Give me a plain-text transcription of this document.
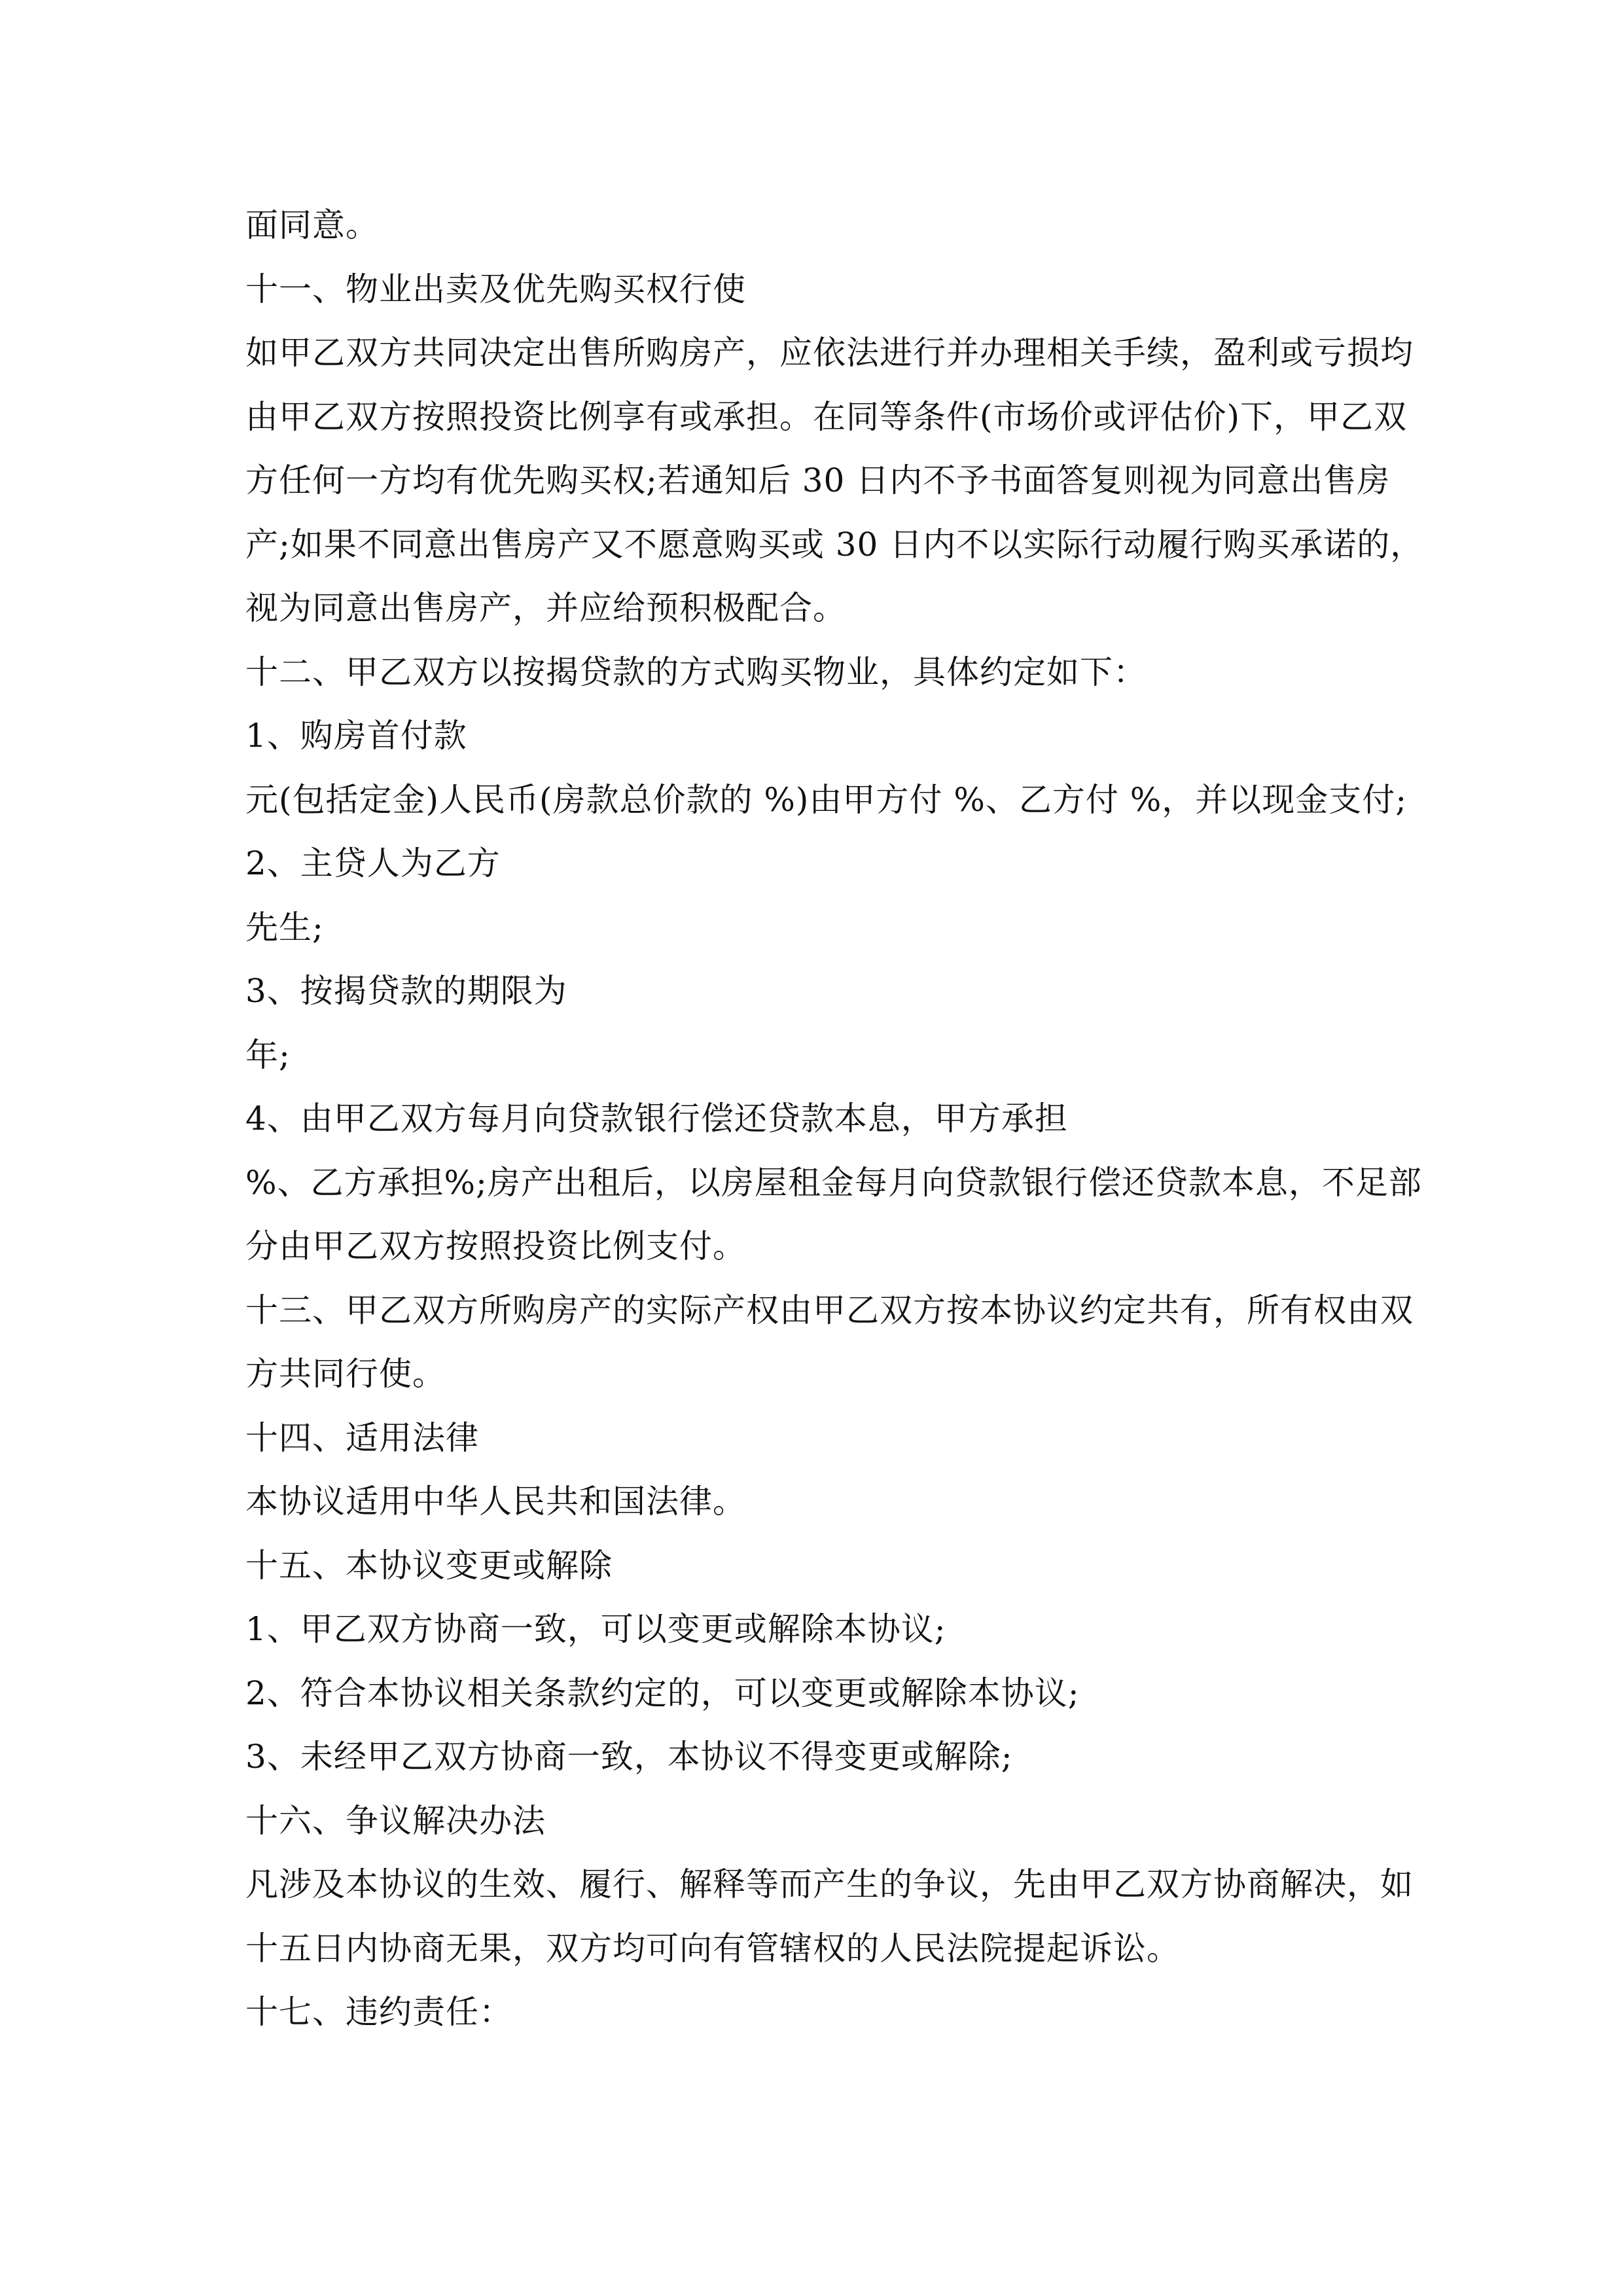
面同意。
十一、物业出卖及优先购买权行使
如甲乙双方共同决定出售所购房产，应依法进行并办理相关手续，盈利或亏损均
由甲乙双方按照投资比例享有或承担。在同等条件(市场价或评估价)下，甲乙双
方任何一方均有优先购买权;若通知后 30 日内不予书面答复则视为同意出售房
产;如果不同意出售房产又不愿意购买或 30 日内不以实际行动履行购买承诺的，
视为同意出售房产，并应给预积极配合。
十二、甲乙双方以按揭贷款的方式购买物业，具体约定如下：
1、购房首付款
元(包括定金)人民币(房款总价款的 %)由甲方付 %、乙方付 %，并以现金支付;
2、主贷人为乙方
先生;
3、按揭贷款的期限为
年;
4、由甲乙双方每月向贷款银行偿还贷款本息，甲方承担
%、乙方承担%;房产出租后，以房屋租金每月向贷款银行偿还贷款本息，不足部
分由甲乙双方按照投资比例支付。
十三、甲乙双方所购房产的实际产权由甲乙双方按本协议约定共有，所有权由双
方共同行使。
十四、适用法律
本协议适用中华人民共和国法律。
十五、本协议变更或解除
1、甲乙双方协商一致，可以变更或解除本协议;
2、符合本协议相关条款约定的，可以变更或解除本协议;
3、未经甲乙双方协商一致，本协议不得变更或解除;
十六、争议解决办法
凡涉及本协议的生效、履行、解释等而产生的争议，先由甲乙双方协商解决，如
十五日内协商无果，双方均可向有管辖权的人民法院提起诉讼。
十七、违约责任：
